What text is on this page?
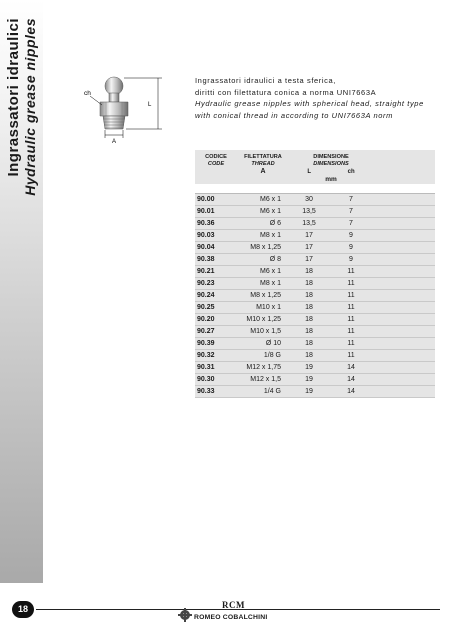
Ingrassatori idraulici Hydraulic grease nipples	ch
L
A
Ingrassatori idraulici a testa sferica,
diritti con filettatura conica a norma UNI7663A
Hydraulic grease nipples with spherical head, straight type
with conical thread in according to UNI7663A norm
CODICE
CODE
FILETTATURA
THREAD
A
DIMENSIONE
DIMENSIONS
L	ch
mm
90.00	M6 x 1	30	7
90.01	M6 x 1	13,5	7
90.36	Ø 6	13,5	7
90.03	M8 x 1	17	9
90.04	M8 x 1,25	17	9
90.38	Ø 8	17	9
90.21	M6 x 1	18	11
90.23	M8 x 1	18	11
90.24	M8 x 1,25	18	11
90.25	M10 x 1	18	11
90.20	M10 x 1,25	18	11
90.27	M10 x 1,5	18	11
90.39	Ø 10	18	11
90.32	1/8 G	18	11
90.31	M12 x 1,75	19	14
90.30	M12 x 1,5	19	14
90.33	1/4 G	19	14
18	RCM
ROMEO COBALCHINI
